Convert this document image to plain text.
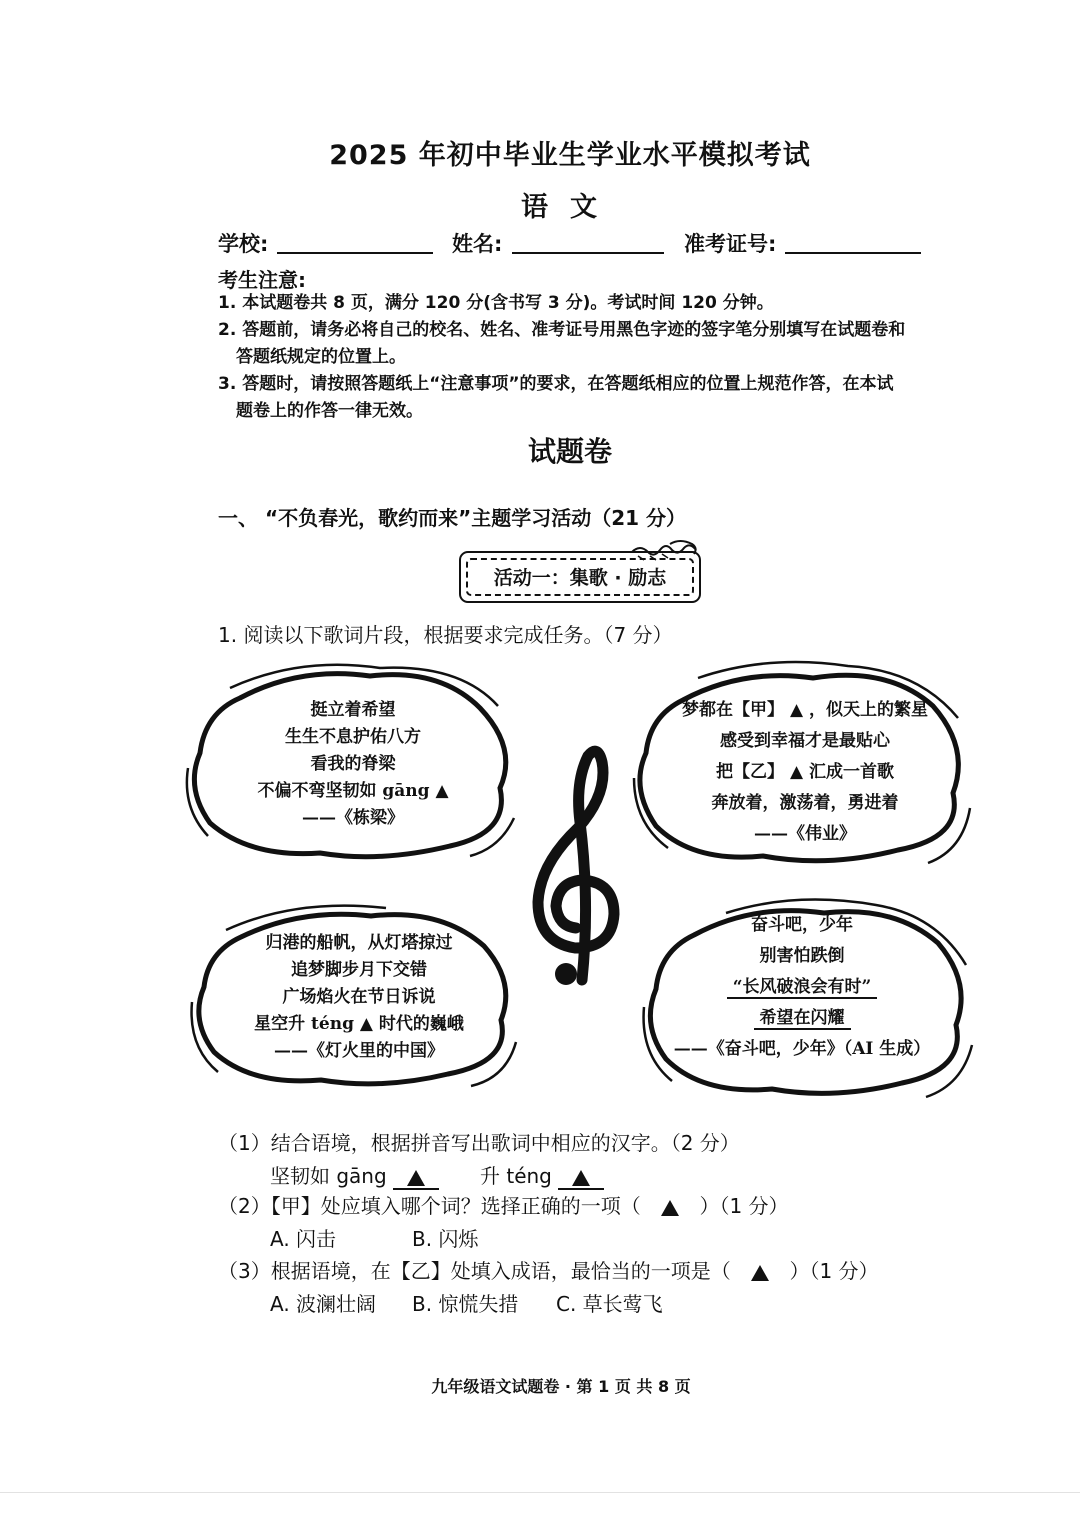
2025 年初中毕业生学业水平模拟考试
语文
学校:	姓名:	准考证号:
考生注意:
1. 本试题卷共 8 页，满分 120 分(含书写 3 分)。考试时间 120 分钟。
2. 答题前，请务必将自己的校名、姓名、准考证号用黑色字迹的签字笔分别填写在试题卷和
答题纸规定的位置上。
3. 答题时，请按照答题纸上“注意事项”的要求，在答题纸相应的位置上规范作答，在本试
题卷上的作答一律无效。
试题卷
一、 “不负春光，歌约而来”主题学习活动（21 分）
活动一：集歌 · 励志
1. 阅读以下歌词片段，根据要求完成任务。（7 分）
挺立着希望
生生不息护佑八方
看我的脊梁
不偏不弯坚韧如 gāng ▲
——《栋梁》
梦都在【甲】 ▲ ，似天上的繁星
感受到幸福才是最贴心
把【乙】 ▲ 汇成一首歌
奔放着，激荡着，勇进着
——《伟业》
归港的船帆，从灯塔掠过
追梦脚步月下交错
广场焰火在节日诉说
星空升 téng ▲ 时代的巍峨
——《灯火里的中国》
奋斗吧，少年
别害怕跌倒
“长风破浪会有时”
希望在闪耀
——《奋斗吧，少年》（AI 生成）
（1）结合语境，根据拼音写出歌词中相应的汉字。（2 分）
坚韧如 gāng	升 téng
（2）【甲】处应填入哪个词？选择正确的一项（	）（1 分）
A. 闪击	B. 闪烁
（3）根据语境，在【乙】处填入成语，最恰当的一项是（	）（1 分）
A. 波澜壮阔 B. 惊慌失措 C. 草长莺飞
九年级语文试题卷 · 第 1 页 共 8 页
